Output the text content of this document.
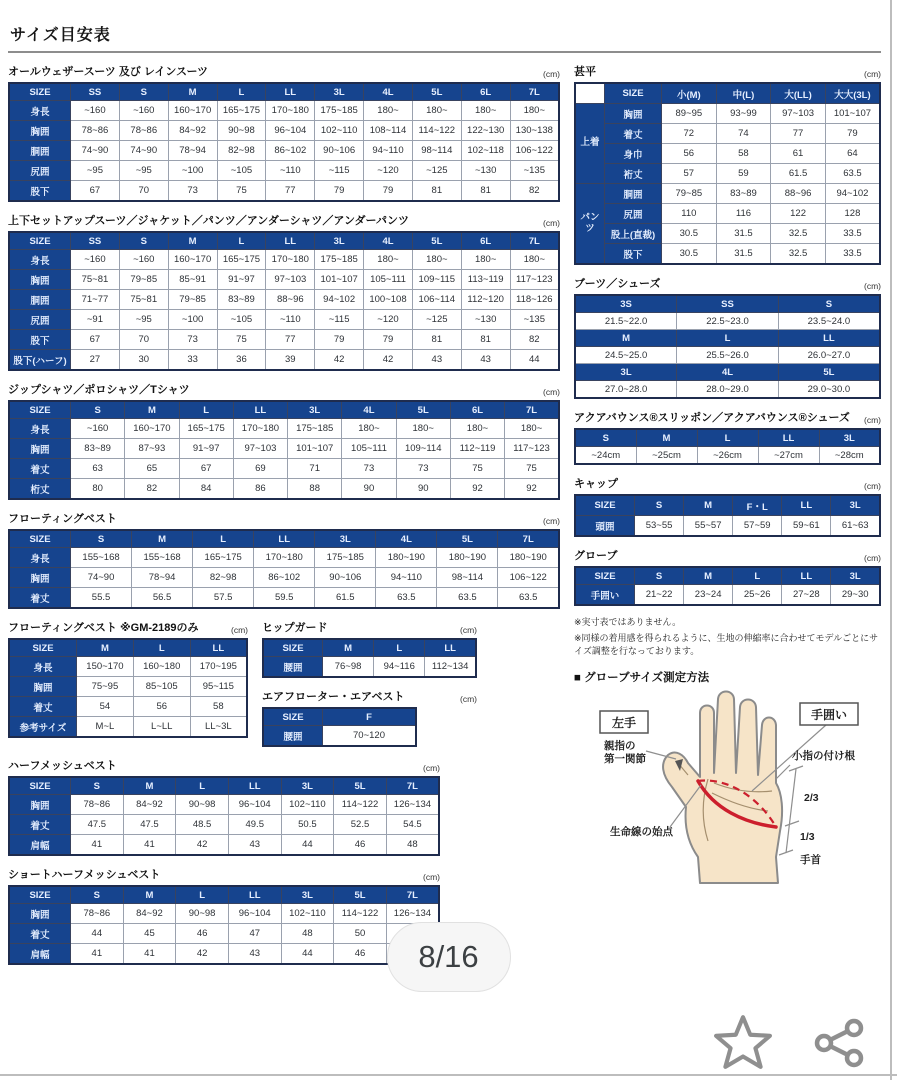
サイズ目安表
オールウェザースーツ 及び レインスーツ	(cm)
SIZE	SS	S	M	L	LL	3L	4L	5L	6L	7L
身長	~160	~160	160~170	165~175	170~180	175~185	180~	180~	180~	180~
胸囲	78~86	78~86	84~92	90~98	96~104	102~110	108~114	114~122	122~130	130~138
胴囲	74~90	74~90	78~94	82~98	86~102	90~106	94~110	98~114	102~118	106~122
尻囲	~95	~95	~100	~105	~110	~115	~120	~125	~130	~135
股下	67	70	73	75	77	79	79	81	81	82
上下セットアップスーツ／ジャケット／パンツ／アンダーシャツ／アンダーパンツ	(cm)
SIZE	SS	S	M	L	LL	3L	4L	5L	6L	7L
身長	~160	~160	160~170	165~175	170~180	175~185	180~	180~	180~	180~
胸囲	75~81	79~85	85~91	91~97	97~103	101~107	105~111	109~115	113~119	117~123
胴囲	71~77	75~81	79~85	83~89	88~96	94~102	100~108	106~114	112~120	118~126
尻囲	~91	~95	~100	~105	~110	~115	~120	~125	~130	~135
股下	67	70	73	75	77	79	79	81	81	82
股下(ハーフ)	27	30	33	36	39	42	42	43	43	44
ジップシャツ／ポロシャツ／Tシャツ	(cm)
SIZE	S	M	L	LL	3L	4L	5L	6L	7L
身長	~160	160~170	165~175	170~180	175~185	180~	180~	180~	180~
胸囲	83~89	87~93	91~97	97~103	101~107	105~111	109~114	112~119	117~123
着丈	63	65	67	69	71	73	73	75	75
桁丈	80	82	84	86	88	90	90	92	92
フローティングベスト	(cm)
SIZE	S	M	L	LL	3L	4L	5L	7L
身長	155~168	155~168	165~175	170~180	175~185	180~190	180~190	180~190
胸囲	74~90	78~94	82~98	86~102	90~106	94~110	98~114	106~122
着丈	55.5	56.5	57.5	59.5	61.5	63.5	63.5	63.5
フローティングベスト ※GM-2189のみ	(cm)
SIZE	M	L	LL
身長	150~170	160~180	170~195
胸囲	75~95	85~105	95~115
着丈	54	56	58
参考サイズ	M~L	L~LL	LL~3L
ヒップガード	(cm)
SIZE	M	L	LL
腰囲	76~98	94~116	112~134
エアフローター・エアベスト	(cm)
SIZE	F
腰囲	70~120
ハーフメッシュベスト	(cm)
SIZE	S	M	L	LL	3L	5L	7L
胸囲	78~86	84~92	90~98	96~104	102~110	114~122	126~134
着丈	47.5	47.5	48.5	49.5	50.5	52.5	54.5
肩幅	41	41	42	43	44	46	48
ショートハーフメッシュベスト	(cm)
SIZE	S	M	L	LL	3L	5L	7L
胸囲	78~86	84~92	90~98	96~104	102~110	114~122	126~134
着丈	44	45	46	47	48	50	
肩幅	41	41	42	43	44	46	
甚平	(cm)
	SIZE	小(M)	中(L)	大(LL)	大大(3L)
上着	胸囲	89~95	93~99	97~103	101~107
	着丈	72	74	77	79
	身巾	56	58	61	64
	裄丈	57	59	61.5	63.5
パンツ	胴囲	79~85	83~89	88~96	94~102
	尻囲	110	116	122	128
	股上(直裁)	30.5	31.5	32.5	33.5
	股下	30.5	31.5	32.5	33.5
ブーツ／シューズ	(cm)
3S	SS	S
21.5~22.0	22.5~23.0	23.5~24.0
M	L	LL
24.5~25.0	25.5~26.0	26.0~27.0
3L	4L	5L
27.0~28.0	28.0~29.0	29.0~30.0
アクアバウンス®スリッポン／アクアバウンス®シューズ (cm)
S	M	L	LL	3L
~24cm	~25cm	~26cm	~27cm	~28cm
キャップ	(cm)
SIZE	S	M	F・L	LL	3L
頭囲	53~55	55~57	57~59	59~61	61~63
グローブ	(cm)
SIZE	S	M	L	LL	3L
手囲い	21~22	23~24	25~26	27~28	29~30
※実寸表ではありません。
※同様の着用感を得られるように、生地の伸縮率に合わせてモデルごとにサイズ調整を行なっております。
■ グローブサイズ測定方法
左手
手囲い
親指の
第一関節	小指の付け根
2/3
1/3
手首
生命線の始点
8/16
